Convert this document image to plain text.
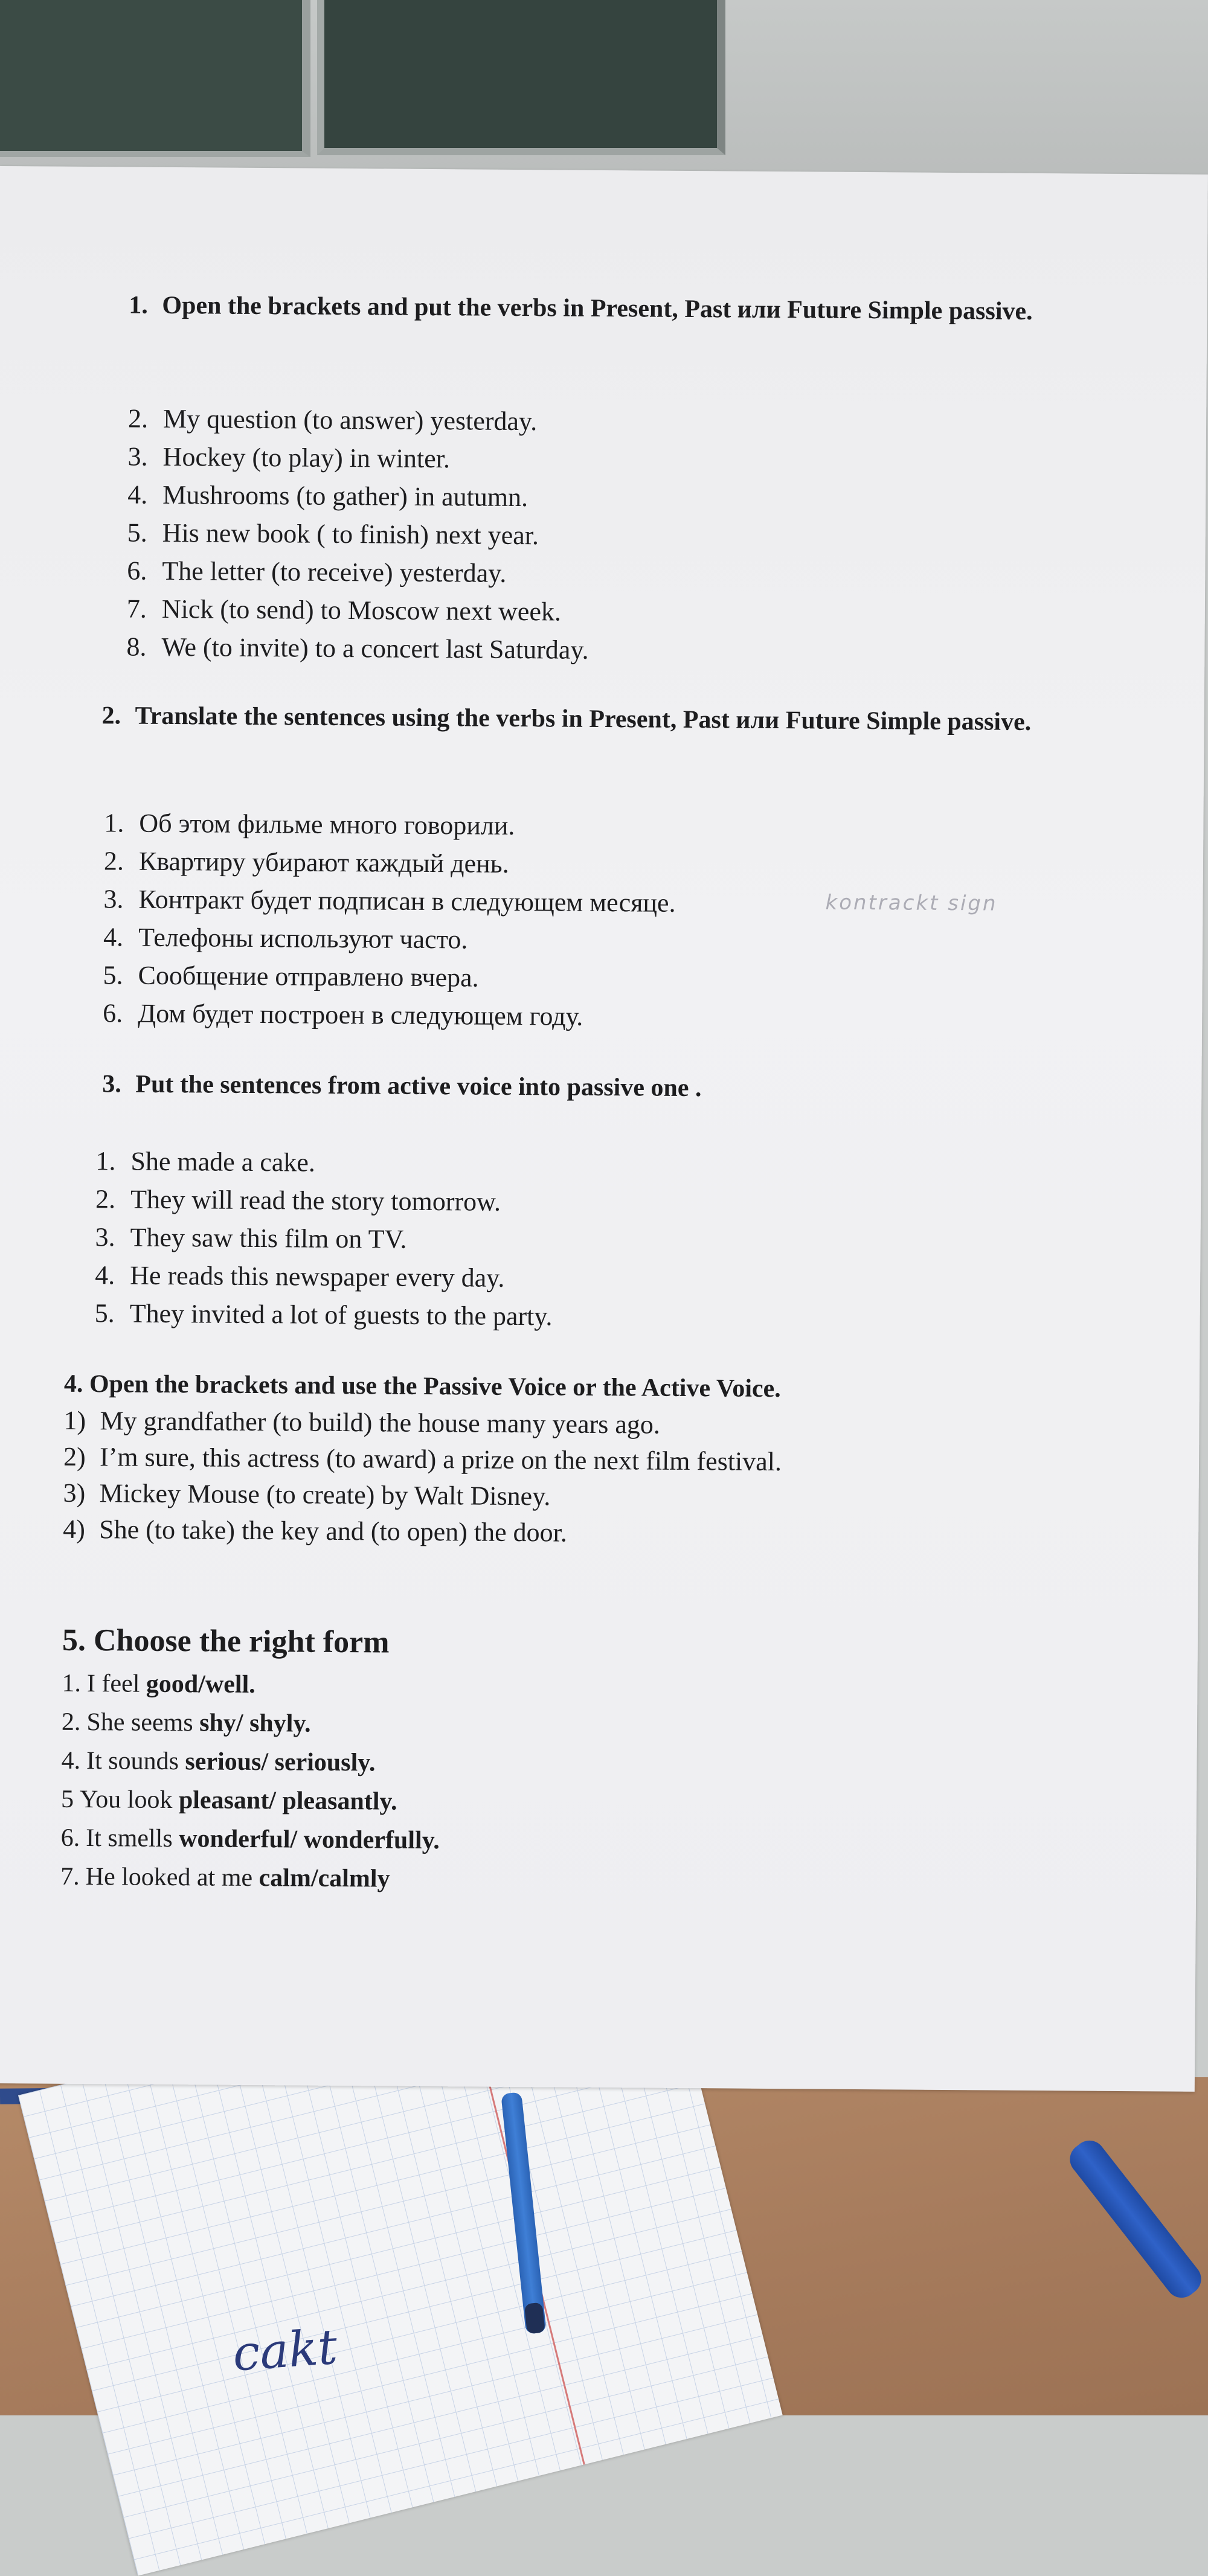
cakt
1. Open the brackets and put the verbs in Present, Past или Future Simple passive.
2. My question (to answer) yesterday.
3. Hockey (to play) in winter.
4. Mushrooms (to gather) in autumn.
5. His new book ( to finish) next year.
6. The letter (to receive) yesterday.
7. Nick (to send) to Moscow next week.
8. We (to invite) to a concert last Saturday.
2. Translate the sentences using the verbs in Present, Past или Future Simple passive.
1. Об этом фильме много говорили.
2. Квартиру убирают каждый день.
3. Контракт будет подписан в следующем месяце.
4. Телефоны используют часто.
5. Сообщение отправлено вчера.
6. Дом будет построен в следующем году.
kontrackt sign
3. Put the sentences from active voice into passive one .
1. She made a cake.
2. They will read the story tomorrow.
3. They saw this film on TV.
4. He reads this newspaper every day.
5. They invited a lot of guests to the party.
4. Open the brackets and use the Passive Voice or the Active Voice.
1) My grandfather (to build) the house many years ago.
2) I’m sure, this actress (to award) a prize on the next film festival.
3) Mickey Mouse (to create) by Walt Disney.
4) She (to take) the key and (to open) the door.
5. Choose the right form
1. I feel good/well.
2. She seems shy/ shyly.
4. It sounds serious/ seriously.
5 You look pleasant/ pleasantly.
6. It smells wonderful/ wonderfully.
7. He looked at me calm/calmly
